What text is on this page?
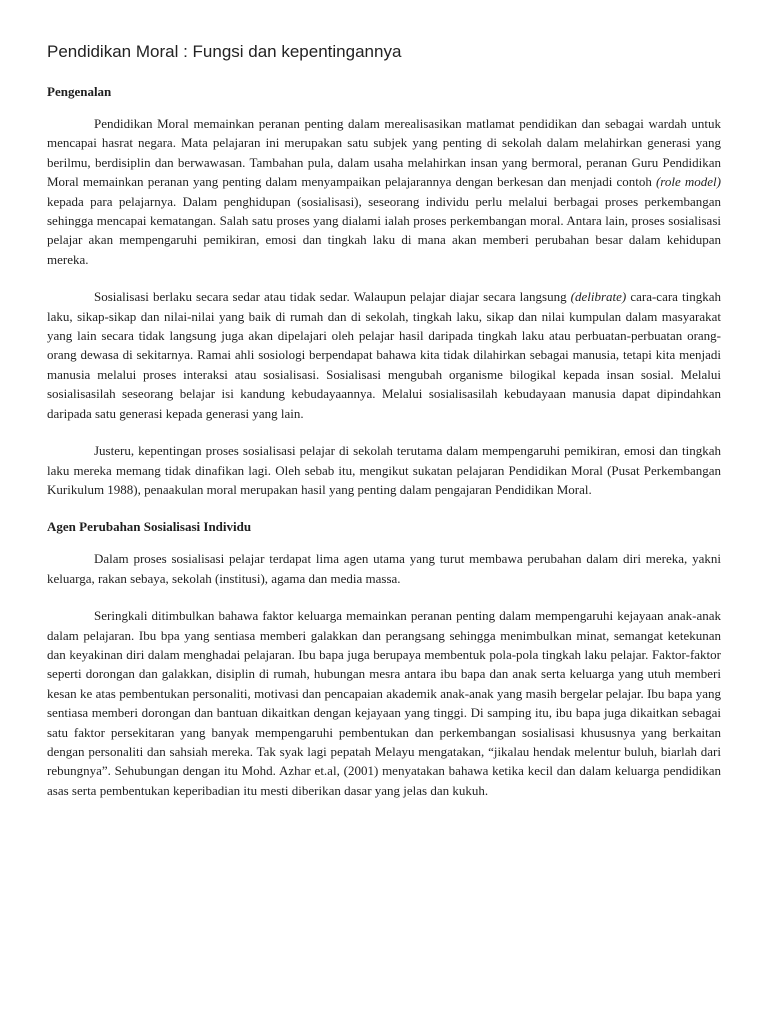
Pendidikan Moral : Fungsi dan kepentingannya
Pengenalan

Pendidikan Moral memainkan peranan penting dalam merealisasikan matlamat pendidikan dan sebagai wardah untuk mencapai hasrat negara. Mata pelajaran ini merupakan satu subjek yang penting di sekolah dalam melahirkan generasi yang berilmu, berdisiplin dan berwawasan. Tambahan pula, dalam usaha melahirkan insan yang bermoral, peranan Guru Pendidikan Moral memainkan peranan yang penting dalam menyampaikan pelajarannya dengan berkesan dan menjadi contoh (role model) kepada para pelajarnya. Dalam penghidupan (sosialisasi), seseorang individu perlu melalui berbagai proses perkembangan sehingga mencapai kematangan. Salah satu proses yang dialami ialah proses perkembangan moral. Antara lain, proses sosialisasi pelajar akan mempengaruhi pemikiran, emosi dan tingkah laku di mana akan memberi perubahan besar dalam kehidupan mereka.

Sosialisasi berlaku secara sedar atau tidak sedar. Walaupun pelajar diajar secara langsung (delibrate) cara-cara tingkah laku, sikap-sikap dan nilai-nilai yang baik di rumah dan di sekolah, tingkah laku, sikap dan nilai kumpulan dalam masyarakat yang lain secara tidak langsung juga akan dipelajari oleh pelajar hasil daripada tingkah laku atau perbuatan-perbuatan orang-orang dewasa di sekitarnya. Ramai ahli sosiologi berpendapat bahawa kita tidak dilahirkan sebagai manusia, tetapi kita menjadi manusia melalui proses interaksi atau sosialisasi. Sosialisasi mengubah organisme bilogikal kepada insan sosial. Melalui sosialisasilah seseorang belajar isi kandung kebudayaannya. Melalui sosialisasilah kebudayaan manusia dapat dipindahkan daripada satu generasi kepada generasi yang lain.

Justeru, kepentingan proses sosialisasi pelajar di sekolah terutama dalam mempengaruhi pemikiran, emosi dan tingkah laku mereka memang tidak dinafikan lagi. Oleh sebab itu, mengikut sukatan pelajaran Pendidikan Moral (Pusat Perkembangan Kurikulum 1988), penaakulan moral merupakan hasil yang penting dalam pengajaran Pendidikan Moral.

Agen Perubahan Sosialisasi Individu

Dalam proses sosialisasi pelajar terdapat lima agen utama yang turut membawa perubahan dalam diri mereka, yakni keluarga, rakan sebaya, sekolah (institusi), agama dan media massa.

Seringkali ditimbulkan bahawa faktor keluarga memainkan peranan penting dalam mempengaruhi kejayaan anak-anak dalam pelajaran. Ibu bpa yang sentiasa memberi galakkan dan perangsang sehingga menimbulkan minat, semangat ketekunan dan keyakinan diri dalam menghadai pelajaran. Ibu bapa juga berupaya membentuk pola-pola tingkah laku pelajar. Faktor-faktor seperti dorongan dan galakkan, disiplin di rumah, hubungan mesra antara ibu bapa dan anak serta keluarga yang utuh memberi kesan ke atas pembentukan personaliti, motivasi dan pencapaian akademik anak-anak yang masih bergelar pelajar. Ibu bapa yang sentiasa memberi dorongan dan bantuan dikaitkan dengan kejayaan yang tinggi. Di samping itu, ibu bapa juga dikaitkan sebagai satu faktor persekitaran yang banyak mempengaruhi pembentukan dan perkembangan sosialisasi khususnya yang berkaitan dengan personaliti dan sahsiah mereka. Tak syak lagi pepatah Melayu mengatakan, “jikalau hendak melentur buluh, biarlah dari rebungnya”. Sehubungan dengan itu Mohd. Azhar et.al, (2001) menyatakan bahawa ketika kecil dan dalam keluarga pendidikan asas serta pembentukan keperibadian itu mesti diberikan dasar yang jelas dan kukuh.
